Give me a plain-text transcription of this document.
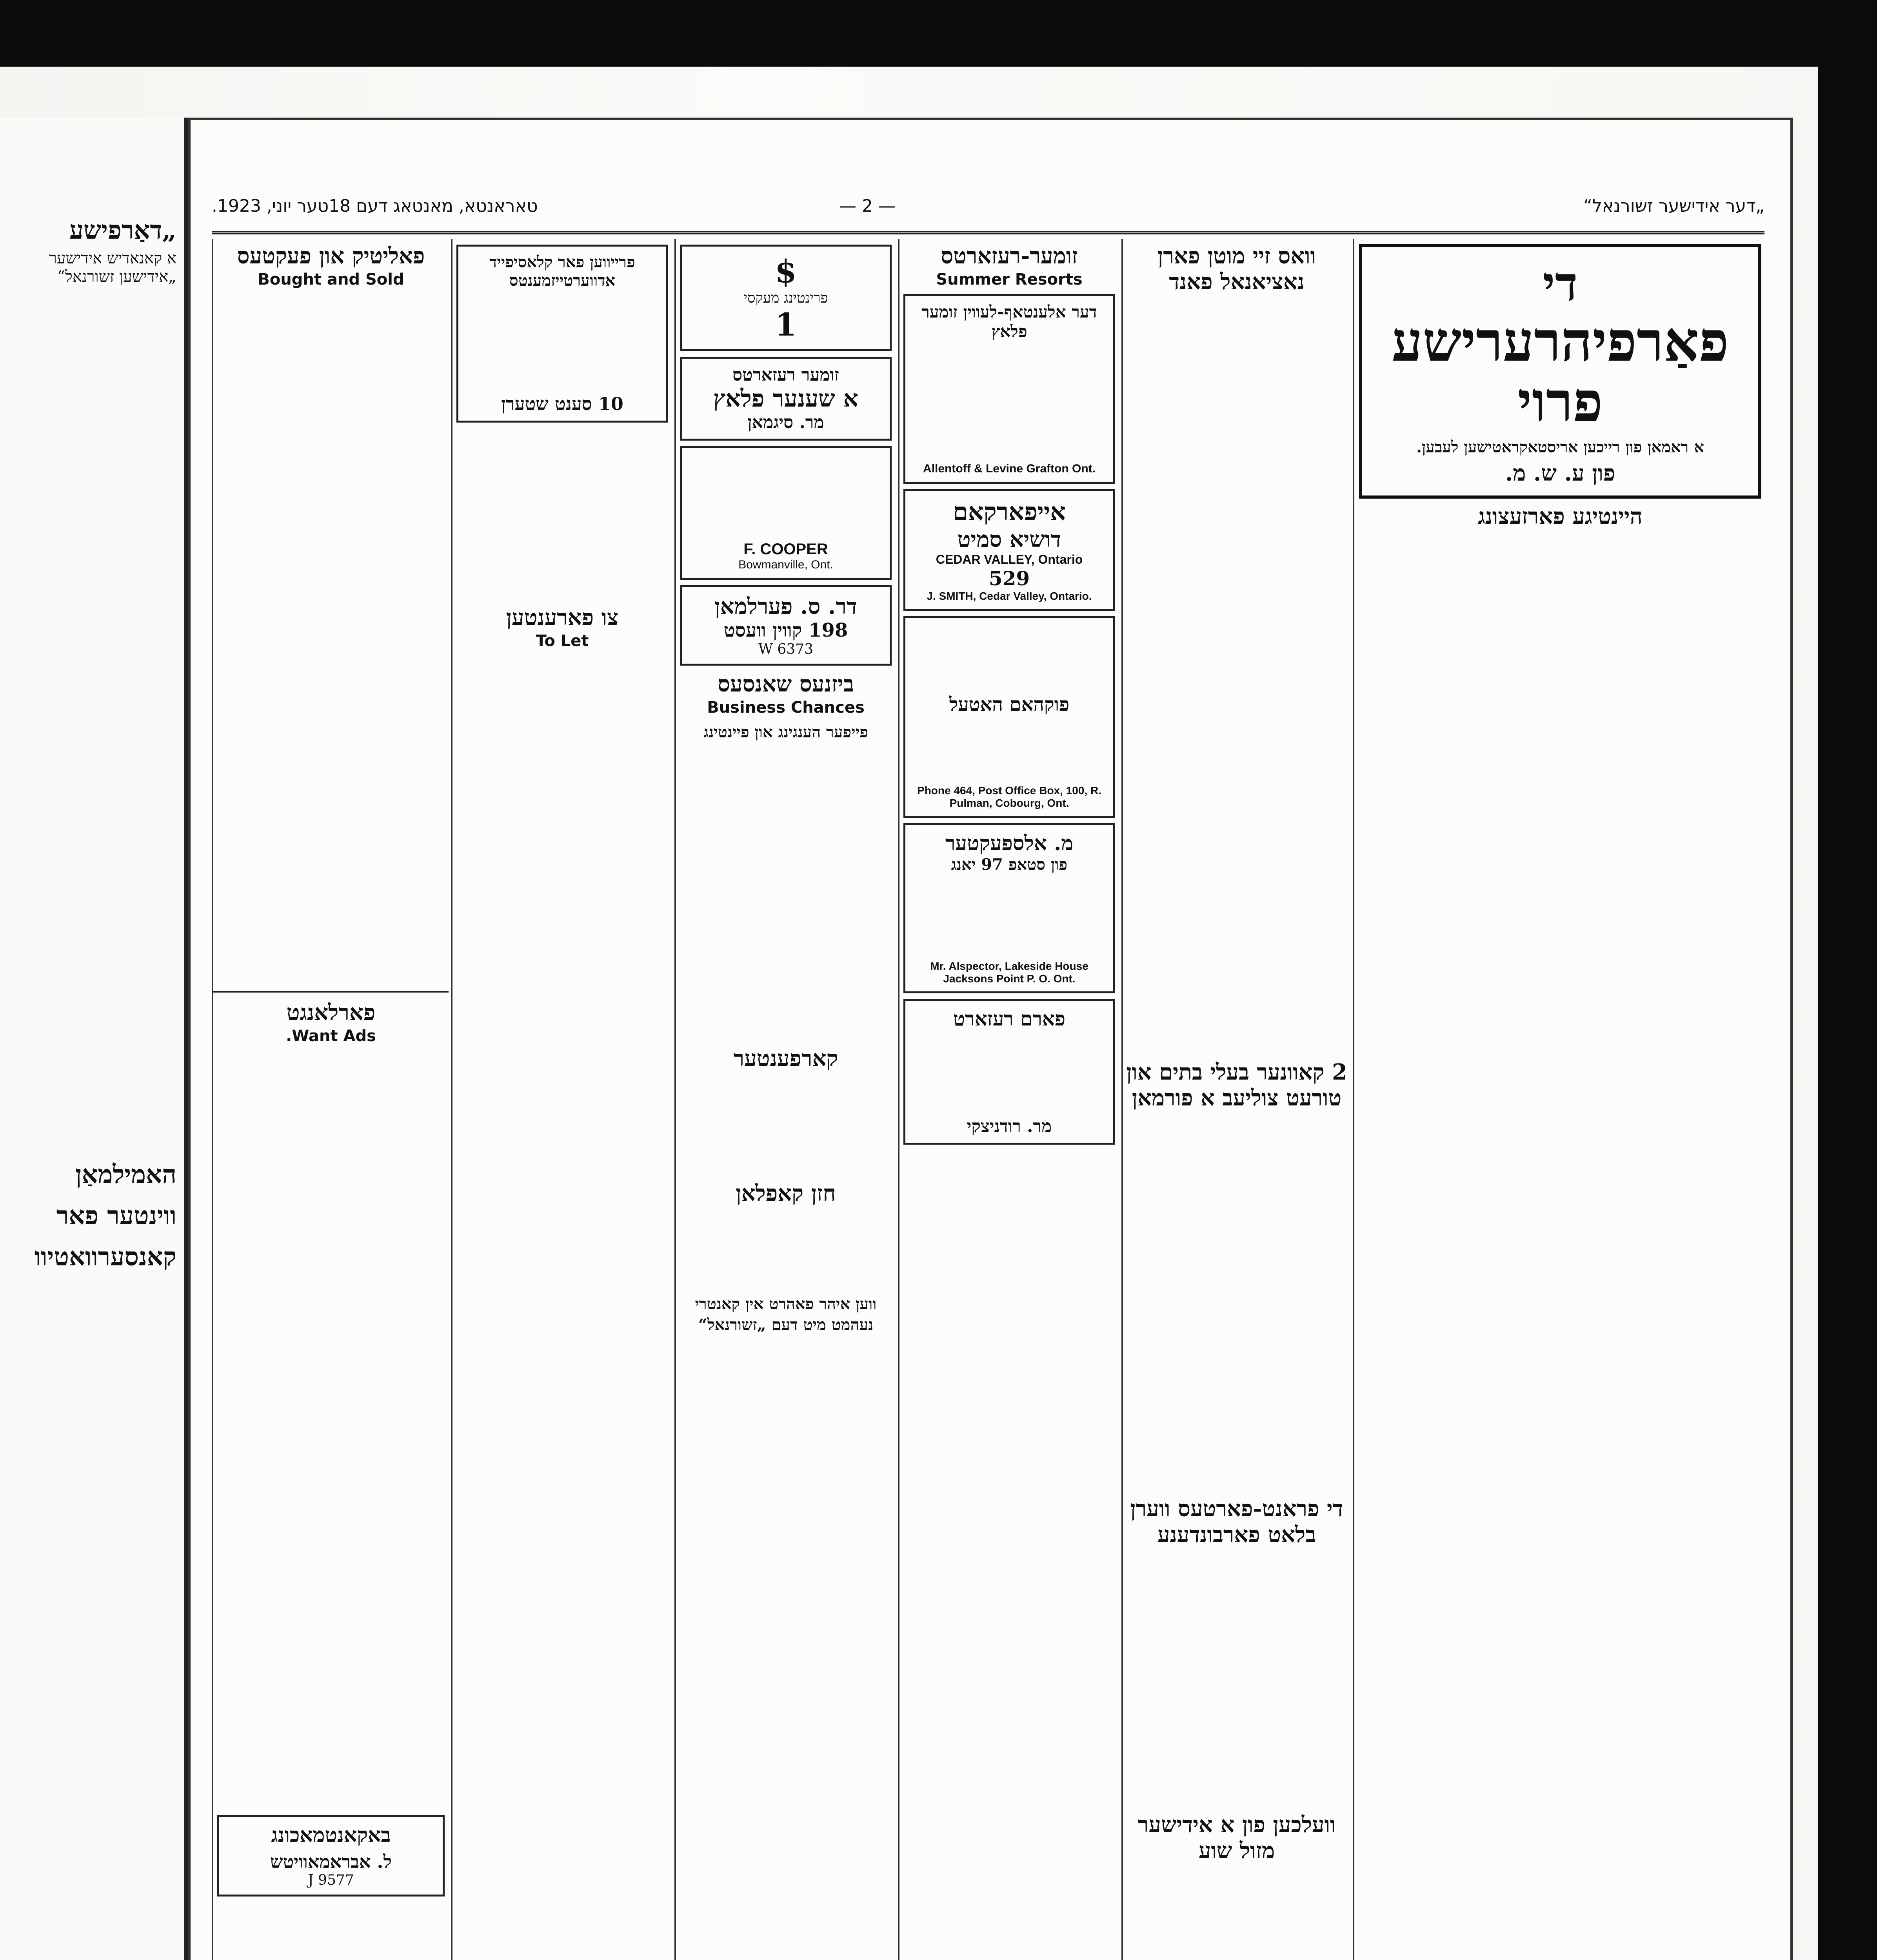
„דאַרפישע
א קאנאדיש אידישער
„אידישען זשורנאל“
האמילמאַן
ווינטער פאר
קאנסערוואטיוו
„דער אידישער זשורנאל“
— 2 —
טאראנטא, מאנטאג דעם 18טער יוני, 1923.
פאליטיק און פעקטעס
Bought and Sold
פארלאנגט
Want Ads.
באקאנטמאכונג
ל. אבראמאוויטש
9577 J
פרייווען פאר קלאסיפייד אדווערטייזמענטס
10 סענט שטערן
צו פארענטען
To Let
$
פרינטינג מעקסי
1
זומער רעזארטס
א שענער פלאץ
מר. סיגמאן
F. COOPER
Bowmanville, Ont.
דר. ס. פערלמאן
198 קווין וועסט
6373 W
ביזנעס שאנסעס
Business Chances

פייפער הענגינג און פיינטינג

קארפענטער
חזן קאפלאן

ווען איהר פאהרט אין קאנטרי נעהמט מיט דעם „זשורנאל“

זומער-רעזארטס
Summer Resorts
דער אלענטאף-לעווין זומער פלאץ
Allentoff & Levine Grafton Ont.
אייפארקאם
דושיא סמיט
CEDAR VALLEY, Ontario
529
J. SMITH, Cedar Valley, Ontario.
פוקהאם האטעל
Phone 464, Post Office Box, 100, R. Pulman, Cobourg, Ont.
מ. אלספעקטער
פון סטאפ 97 יאנג
Mr. Alspector, Lakeside House Jacksons Point P. O. Ont.
פארם רעזארט
מר. רודניצקי
וואס זיי מוטן פארן נאציאנאל פאנד
2 קאוונער בעלי בתים און טורעט צוליעב א פורמאן
די פראנט-פארטעס ווערן בלאט פארבונדענע
וועלכען פון א אידישער מזול שוע
די
פאַרפיהרערישע פרוי
א ראמאן פון רייכען אריסטאקראטישען לעבען.
פון ע. ש. מ.
היינטיגע פארזעצונג
